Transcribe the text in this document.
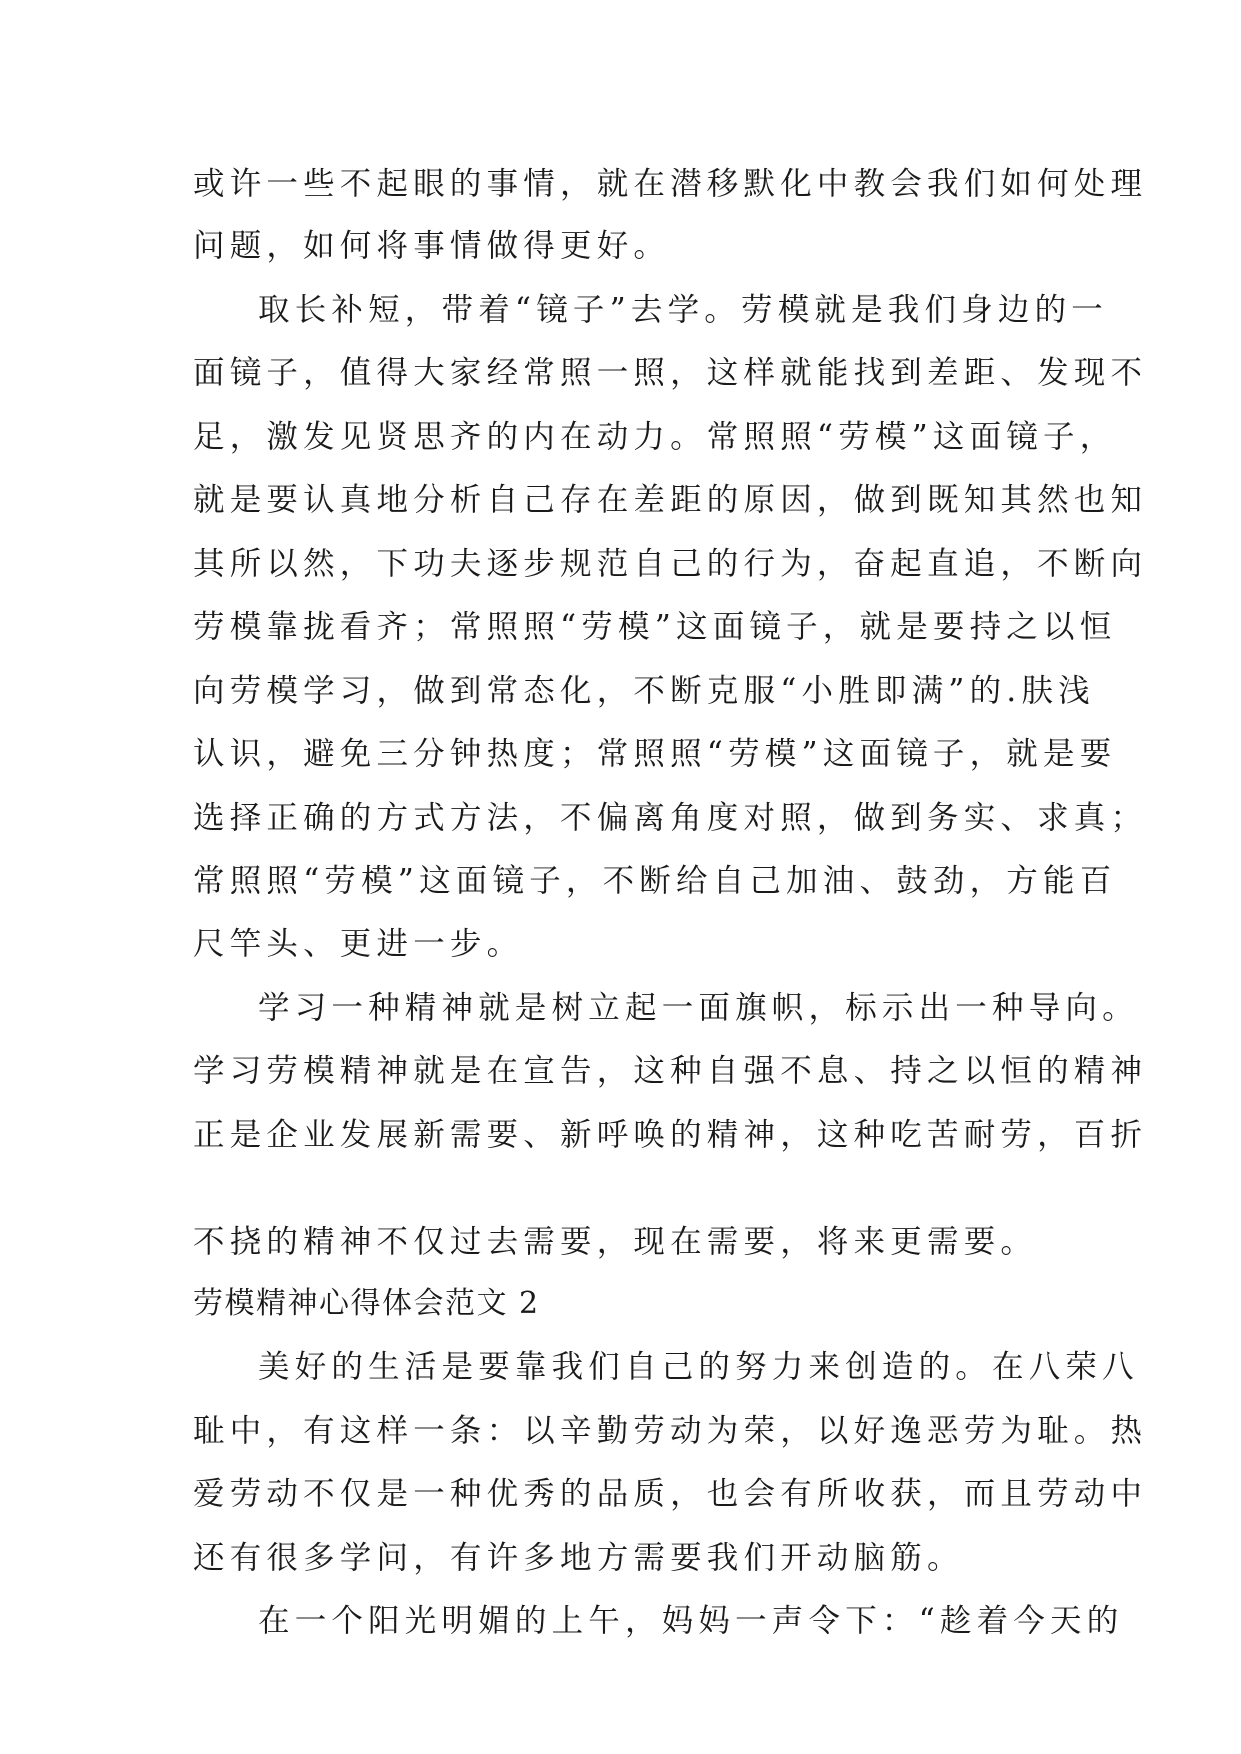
或许一些不起眼的事情，就在潜移默化中教会我们如何处理

问题，如何将事情做得更好。

取长补短，带着“镜子”去学。劳模就是我们身边的一

面镜子，值得大家经常照一照，这样就能找到差距、发现不

足，激发见贤思齐的内在动力。常照照“劳模”这面镜子，

就是要认真地分析自己存在差距的原因，做到既知其然也知

其所以然，下功夫逐步规范自己的行为，奋起直追，不断向

劳模靠拢看齐；常照照“劳模”这面镜子，就是要持之以恒

向劳模学习，做到常态化，不断克服“小胜即满”的.肤浅

认识，避免三分钟热度；常照照“劳模”这面镜子，就是要

选择正确的方式方法，不偏离角度对照，做到务实、求真；

常照照“劳模”这面镜子，不断给自己加油、鼓劲，方能百

尺竿头、更进一步。

学习一种精神就是树立起一面旗帜，标示出一种导向。

学习劳模精神就是在宣告，这种自强不息、持之以恒的精神

正是企业发展新需要、新呼唤的精神，这种吃苦耐劳，百折

不挠的精神不仅过去需要，现在需要，将来更需要。

劳模精神心得体会范文 2

美好的生活是要靠我们自己的努力来创造的。在八荣八

耻中，有这样一条：以辛勤劳动为荣，以好逸恶劳为耻。热

爱劳动不仅是一种优秀的品质，也会有所收获，而且劳动中

还有很多学问，有许多地方需要我们开动脑筋。

在一个阳光明媚的上午，妈妈一声令下：“趁着今天的
